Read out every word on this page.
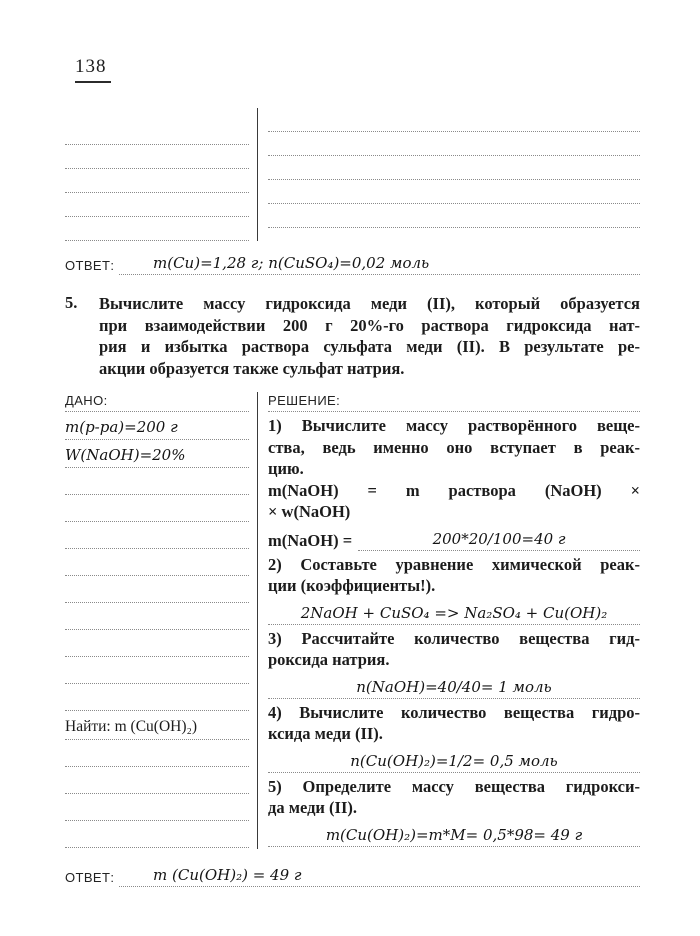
138
ОТВЕТ:	m(Cu)=1,28 г; n(CuSO₄)=0,02 моль
5.	Вычислите массу гидроксида меди (II), который образуется
при взаимодействии 200 г 20%-го раствора гидроксида нат-
рия и избытка раствора сульфата меди (II). В результате ре-
акции образуется также сульфат натрия.
ДАНО:
m(р-ра)=200 г
W(NaOH)=20%
Найти: m (Cu(OH)₂)
РЕШЕНИЕ:
1) Вычислите массу растворённого веще-
ства, ведь именно оно вступает в реак-
цию.
m(NaOH) = m раствора (NaOH) ×
× w(NaOH)
m(NaOH) =	200*20/100=40 г
2) Составьте уравнение химической реак-
ции (коэффициенты!).
2NaOH + CuSO₄ => Na₂SO₄ + Cu(OH)₂
3) Рассчитайте количество вещества гид-
роксида натрия.
n(NaOH)=40/40= 1 моль
4) Вычислите количество вещества гидро-
ксида меди (II).
n(Cu(OH)₂)=1/2= 0,5 моль
5) Определите массу вещества гидрокси-
да меди (II).
m(Cu(OH)₂)=m*M= 0,5*98= 49 г
ОТВЕТ:	m (Cu(OH)₂) = 49 г
